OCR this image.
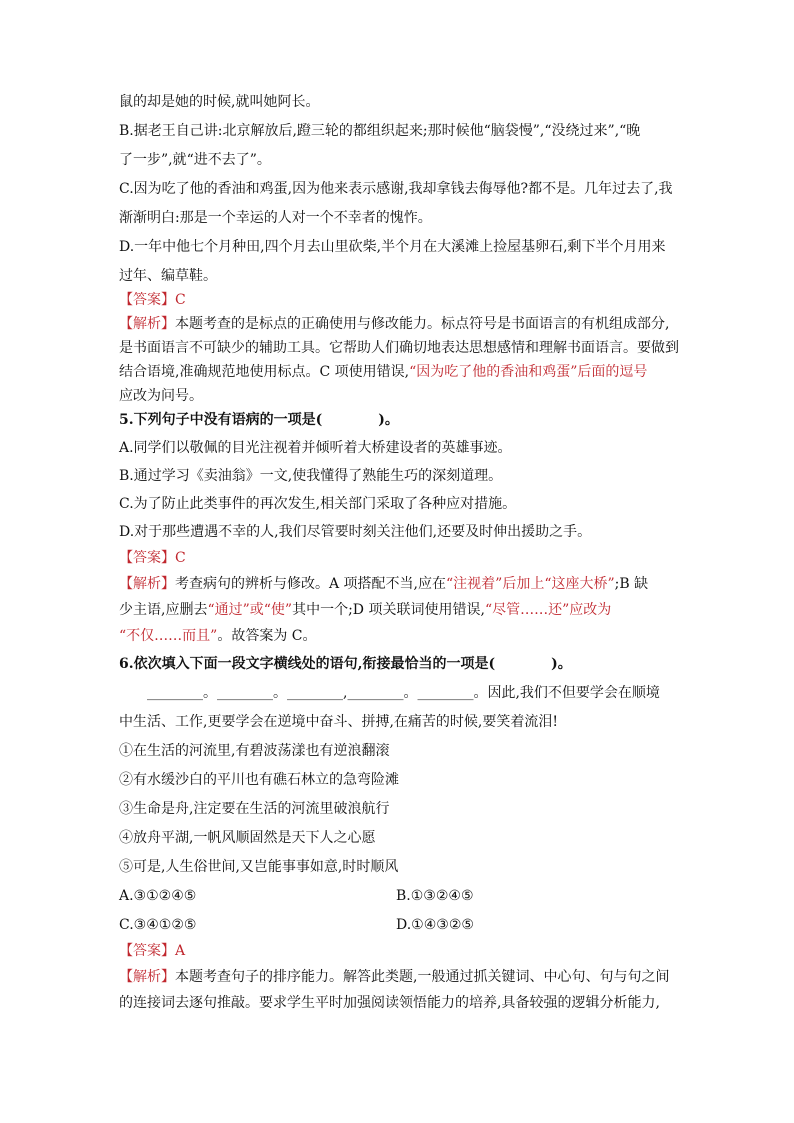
鼠的却是她的时候,就叫她阿长。
B.据老王自己讲:北京解放后,蹬三轮的都组织起来;那时候他“脑袋慢”,“没绕过来”,“晚
了一步”,就“进不去了”。
C.因为吃了他的香油和鸡蛋,因为他来表示感谢,我却拿钱去侮辱他?都不是。几年过去了,我
渐渐明白:那是一个幸运的人对一个不幸者的愧怍。
D.一年中他七个月种田,四个月去山里砍柴,半个月在大溪滩上捡屋基卵石,剩下半个月用来
过年、编草鞋。
【答案】C
【解析】本题考查的是标点的正确使用与修改能力。标点符号是书面语言的有机组成部分,
是书面语言不可缺少的辅助工具。它帮助人们确切地表达思想感情和理解书面语言。要做到
结合语境,准确规范地使用标点。C 项使用错误,“因为吃了他的香油和鸡蛋”后面的逗号
应改为问号。
5.下列句子中没有语病的一项是(　　　　)。
A.同学们以敬佩的目光注视着并倾听着大桥建设者的英雄事迹。
B.通过学习《卖油翁》一文,使我懂得了熟能生巧的深刻道理。
C.为了防止此类事件的再次发生,相关部门采取了各种应对措施。
D.对于那些遭遇不幸的人,我们尽管要时刻关注他们,还要及时伸出援助之手。
【答案】C
【解析】考查病句的辨析与修改。A 项搭配不当,应在“注视着”后加上“这座大桥”;B 缺
少主语,应删去“通过”或“使”其中一个;D 项关联词使用错误,“尽管……还”应改为
“不仅……而且”。故答案为 C。
6.依次填入下面一段文字横线处的语句,衔接最恰当的一项是(　　　　)。
________。________。________,________。________。因此,我们不但要学会在顺境
中生活、工作,更要学会在逆境中奋斗、拼搏,在痛苦的时候,要笑着流泪!
①在生活的河流里,有碧波荡漾也有逆浪翻滚
②有水缓沙白的平川也有礁石林立的急弯险滩
③生命是舟,注定要在生活的河流里破浪航行
④放舟平湖,一帆风顺固然是天下人之心愿
⑤可是,人生俗世间,又岂能事事如意,时时顺风
A.③①②④⑤	B.①③②④⑤
C.③④①②⑤	D.①④③②⑤
【答案】A
【解析】本题考查句子的排序能力。解答此类题,一般通过抓关键词、中心句、句与句之间
的连接词去逐句推敲。要求学生平时加强阅读领悟能力的培养,具备较强的逻辑分析能力,
